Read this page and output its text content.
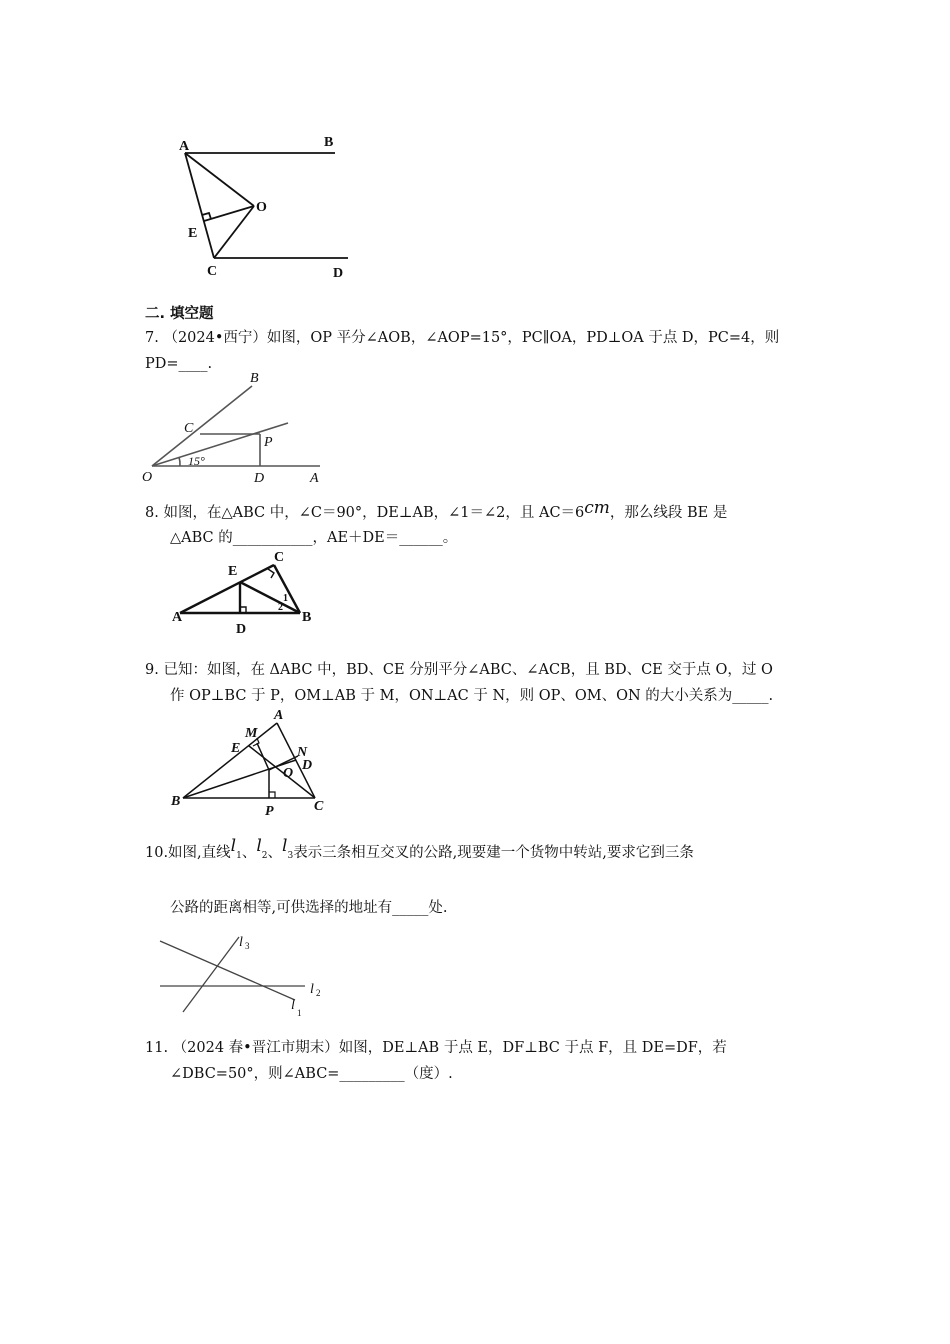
A	B
O
E
C	D
二. 填空题
7. （2024•西宁）如图，OP 平分∠AOB，∠AOP=15°，PC∥OA，PD⊥OA 于点 D，PC=4，则
PD=____.
B
C
P
15°
O	D	A
8. 如图，在△ABC 中，∠C＝90°，DE⊥AB，∠1＝∠2，且 AC＝6cm，那么线段 BE 是
△ABC 的___________，AE＋DE＝______。
E
C
A
D
B
1
2
9. 已知：如图，在 ΔABC 中，BD、CE 分别平分∠ABC、∠ACB，且 BD、CE 交于点 O，过 O
作 OP⊥BC 于 P，OM⊥AB 于 M，ON⊥AC 于 N，则 OP、OM、ON 的大小关系为_____.
A
M
E	N
D
O
B
P	C
10.如图,直线$l_1$、$l_2$、$l_3$表示三条相互交叉的公路,现要建一个货物中转站,要求它到三条
公路的距离相等,可供选择的地址有_____处.
l 3
l 2
l 1
11. （2024 春•晋江市期末）如图，DE⊥AB 于点 E，DF⊥BC 于点 F，且 DE=DF，若
∠DBC=50°，则∠ABC=_________（度）.
